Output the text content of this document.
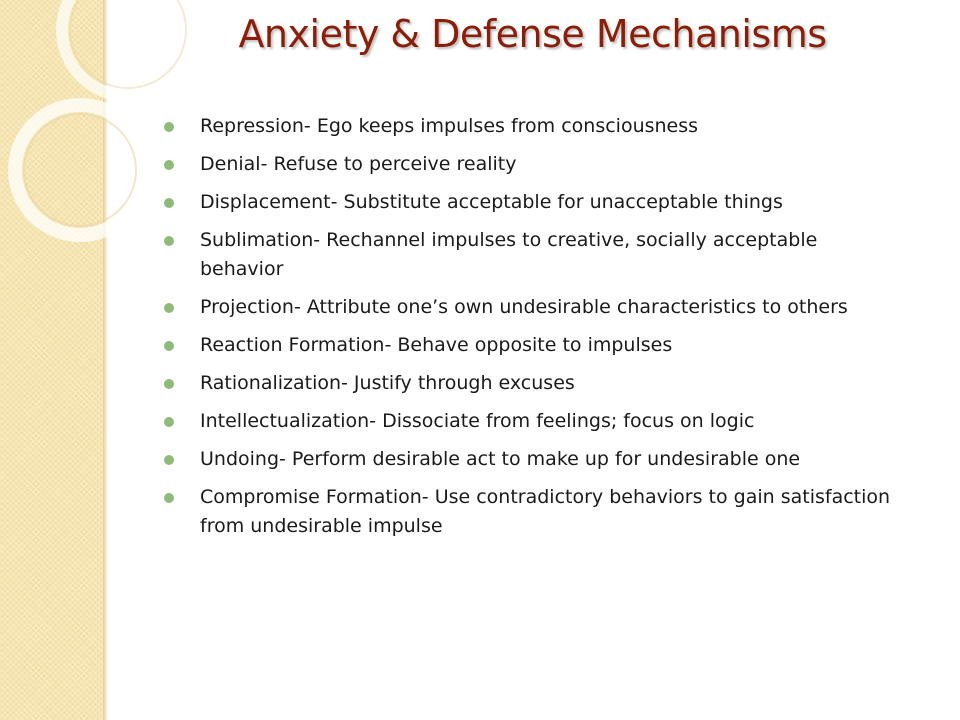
Anxiety & Defense Mechanisms
Repression- Ego keeps impulses from consciousness
Denial- Refuse to perceive reality
Displacement- Substitute acceptable for unacceptable things
Sublimation- Rechannel impulses to creative, socially acceptable behavior
Projection- Attribute one’s own undesirable characteristics to others
Reaction Formation- Behave opposite to impulses
Rationalization- Justify through excuses
Intellectualization- Dissociate from feelings; focus on logic
Undoing- Perform desirable act to make up for undesirable one
Compromise Formation- Use contradictory behaviors to gain satisfaction from undesirable impulse
